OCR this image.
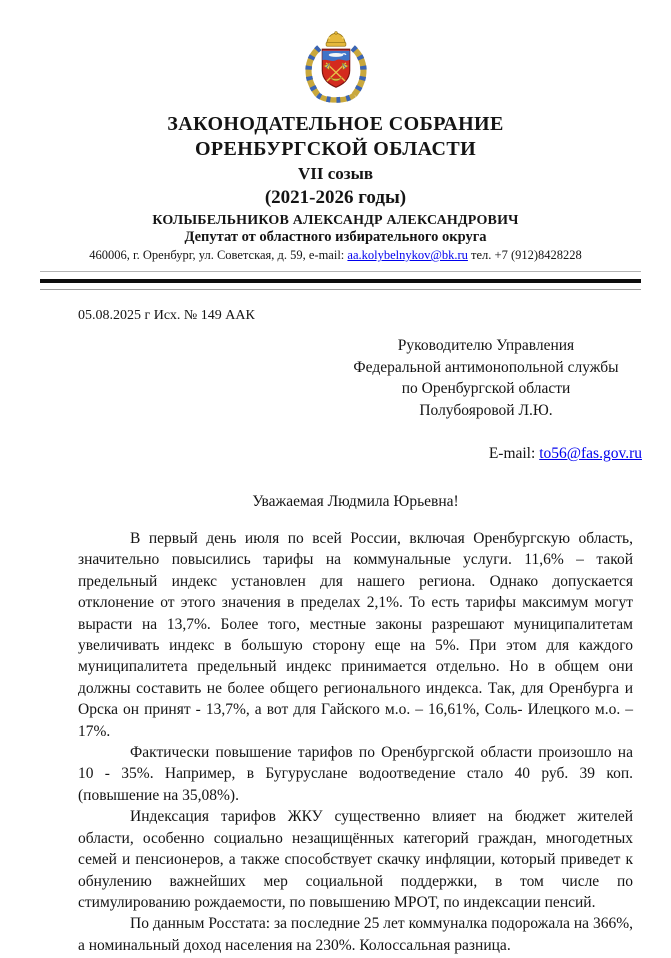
ЗАКОНОДАТЕЛЬНОЕ СОБРАНИЕ
ОРЕНБУРГСКОЙ ОБЛАСТИ
VII созыв
(2021-2026 годы)
КОЛЫБЕЛЬНИКОВ АЛЕКСАНДР АЛЕКСАНДРОВИЧ
Депутат от областного избирательного округа
460006, г. Оренбург, ул. Советская, д. 59, e-mail: aa.kolybelnykov@bk.ru тел. +7 (912)8428228
05.08.2025 г Исх. № 149 ААК
Руководителю Управления
Федеральной антимонопольной службы
по Оренбургской области
Полубояровой Л.Ю.
E-mail: to56@fas.gov.ru
Уважаемая Людмила Юрьевна!

В первый день июля по всей России, включая Оренбургскую область, значительно повысились тарифы на коммунальные услуги. 11,6% – такой предельный индекс установлен для нашего региона. Однако допускается отклонение от этого значения в пределах 2,1%. То есть тарифы максимум могут вырасти на 13,7%. Более того, местные законы разрешают муниципалитетам увеличивать индекс в большую сторону еще на 5%. При этом для каждого муниципалитета предельный индекс принимается отдельно. Но в общем они должны составить не более общего регионального индекса. Так, для Оренбурга и Орска он принят - 13,7%, а вот для Гайского м.о. – 16,61%, Соль- Илецкого м.о. – 17%.

Фактически повышение тарифов по Оренбургской области произошло на 10 - 35%. Например, в Бугуруслане водоотведение стало 40 руб. 39 коп. (повышение на 35,08%).

Индексация тарифов ЖКУ существенно влияет на бюджет жителей области, особенно социально незащищённых категорий граждан, многодетных семей и пенсионеров, а также способствует скачку инфляции, который приведет к обнулению важнейших мер социальной поддержки, в том числе по стимулированию рождаемости, по повышению МРОТ, по индексации пенсий.

По данным Росстата: за последние 25 лет коммуналка подорожала на 366%, а номинальный доход населения на 230%. Колоссальная разница.
